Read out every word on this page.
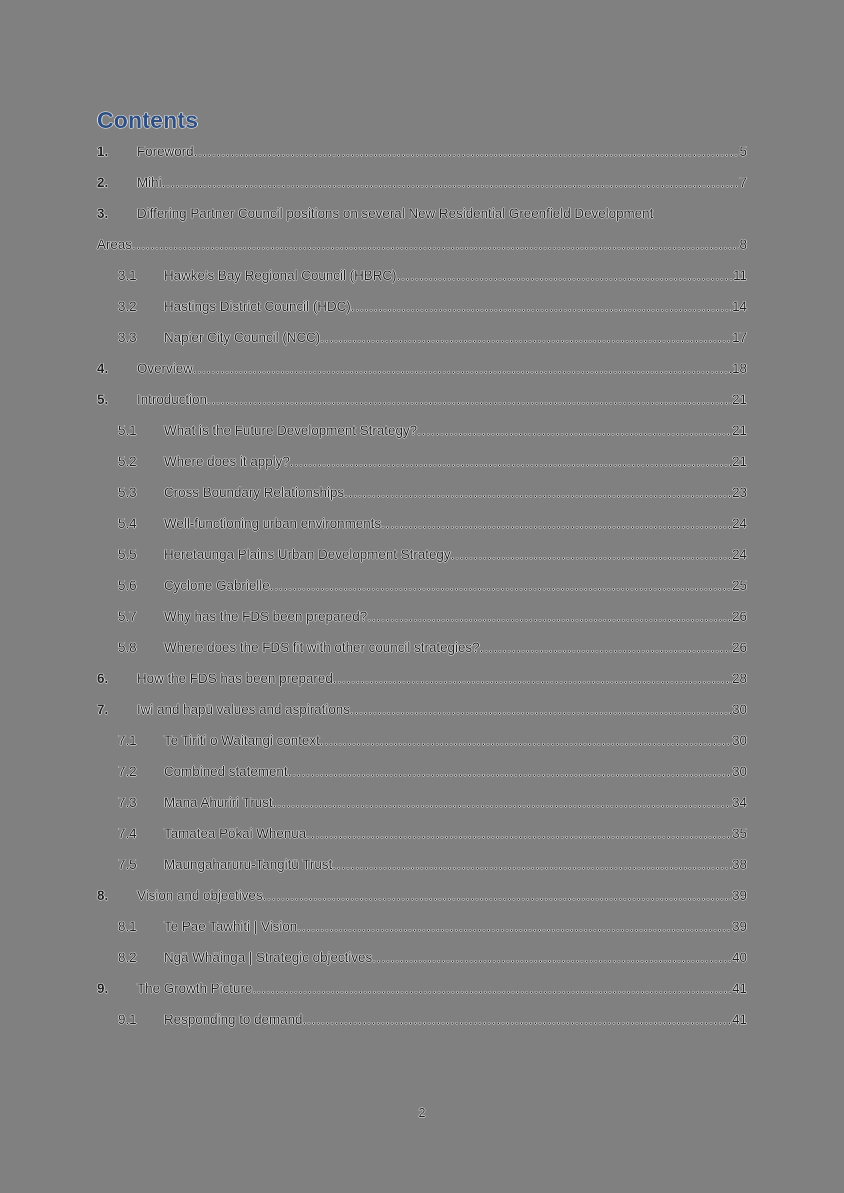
Contents
1.	Foreword .....	5
2.	Mihi .....	7
3.	Differing Partner Council positions on several New Residential Greenfield Development
Areas .....	8
3.1	Hawke's Bay Regional Council (HBRC) .....	11
3.2	Hastings District Council (HDC) .....	14
3.3	Napier City Council (NCC) .....	17
4.	Overview .....	18
5.	Introduction .....	21
5.1	What is the Future Development Strategy? .....	21
5.2	Where does it apply? .....	21
5.3	Cross Boundary Relationships .....	23
5.4	Well-functioning urban environments .....	24
5.5	Heretaunga Plains Urban Development Strategy .....	24
5.6	Cyclone Gabrielle .....	25
5.7	Why has the FDS been prepared? .....	26
5.8	Where does the FDS fit with other council strategies? .....	26
6.	How the FDS has been prepared .....	28
7.	Iwi and hapū values and aspirations .....	30
7.1	Te Tiriti o Waitangi context .....	30
7.2	Combined statement .....	30
7.3	Mana Ahuriri Trust .....	34
7.4	Tamatea Pōkai Whenua .....	35
7.5	Maungaharuru-Tangitū Trust .....	38
8.	Vision and objectives .....	39
8.1	Te Pae Tawhiti | Vision .....	39
8.2	Ngā Whāinga | Strategic objectives .....	40
9.	The Growth Picture .....	41
9.1	Responding to demand .....	41
2
